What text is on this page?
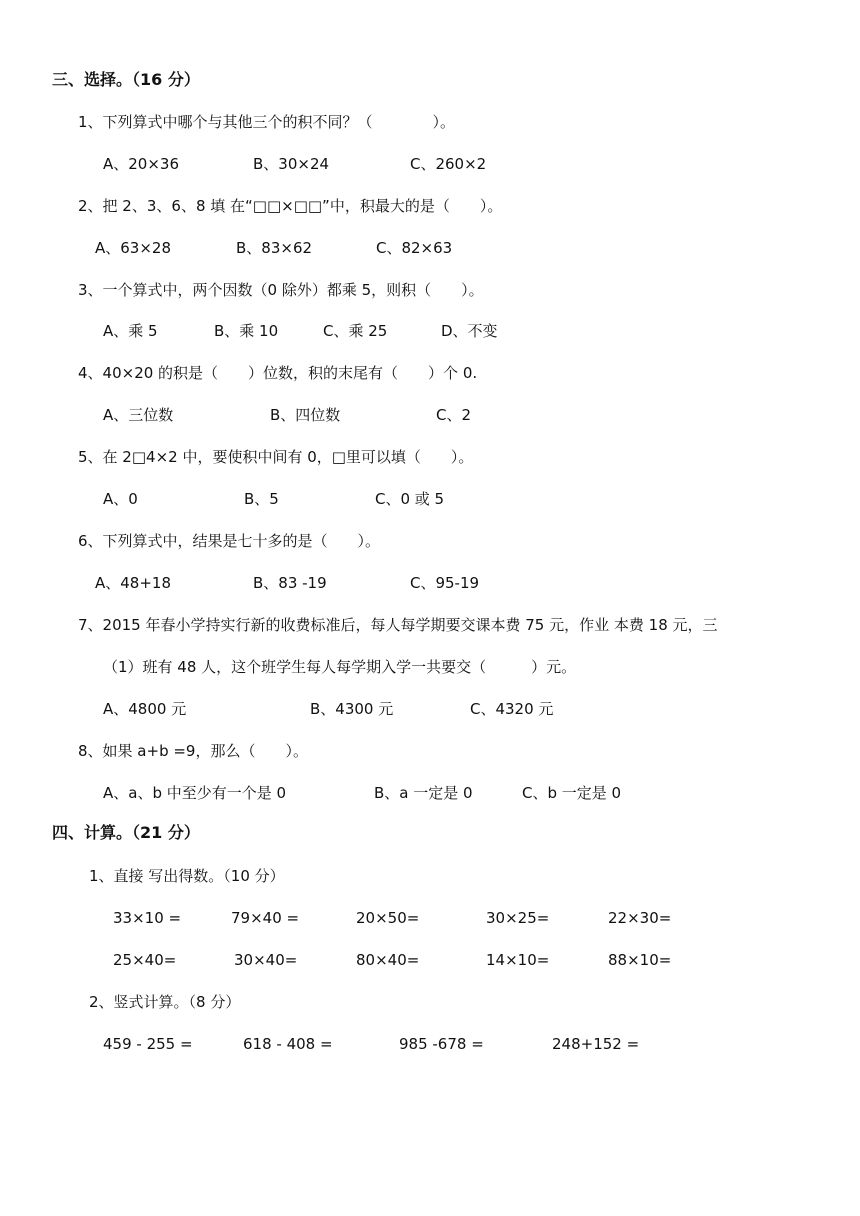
三、选择。（16 分）
1、下列算式中哪个与其他三个的积不同？（　　　　）。
A、20×36	B、30×24	C、260×2
2、把 2、3、6、8 填 在“□□×□□”中，积最大的是（　　）。
A、63×28	B、83×62	C、82×63
3、一个算式中，两个因数（0 除外）都乘 5，则积（　　）。
A、乘 5	B、乘 10	C、乘 25	D、不变
4、40×20 的积是（　　）位数，积的末尾有（　　）个 0.
A、三位数	B、四位数	C、2
5、在 2□4×2 中，要使积中间有 0，□里可以填（　　）。
A、0	B、5	C、0 或 5
6、下列算式中，结果是七十多的是（　　）。
A、48+18	B、83 -19	C、95-19
7、2015 年春小学持实行新的收费标准后，每人每学期要交课本费 75 元，作业 本费 18 元，三
（1）班有 48 人，这个班学生每人每学期入学一共要交（　　　）元。
A、4800 元	B、4300 元	C、4320 元
8、如果 a+b =9，那么（　　）。
A、a、b 中至少有一个是 0	B、a 一定是 0	C、b 一定是 0
四、计算。（21 分）
1、直接 写出得数。（10 分）
33×10 =	79×40 =	20×50=	30×25=	22×30=
25×40=	30×40=	80×40=	14×10=	88×10=
2、竖式计算。（8 分）
459 - 255 =	618 - 408 =	985 -678 =	248+152 =
